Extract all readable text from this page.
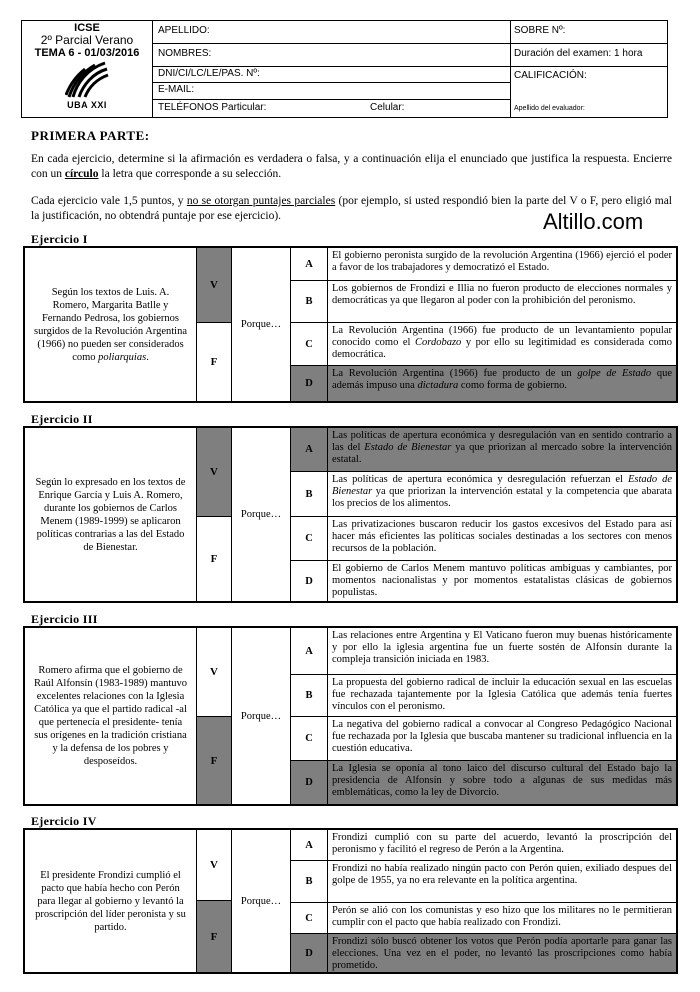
ICSE
2º Parcial Verano
TEMA 6 - 01/03/2016
UBA XXI
APELLIDO:
NOMBRES:
DNI/CI/LC/LE/PAS. Nº:
E-MAIL:
TELÉFONOS Particular:	Celular:
SOBRE Nº:
Duración del examen: 1 hora
CALIFICACIÓN:
Apellido del evaluador:
PRIMERA PARTE:
En cada ejercicio, determine si la afirmación es verdadera o falsa, y a continuación elija el enunciado que justifica la respuesta. Encierre con un círculo la letra que corresponde a su selección.
Cada ejercicio vale 1,5 puntos, y no se otorgan puntajes parciales (por ejemplo, si usted respondió bien la parte del V o F, pero eligió mal la justificación, no obtendrá puntaje por ese ejercicio).	Altillo.com
Ejercicio I
Según los textos de Luis. A. Romero, Margarita Batlle y Fernando Pedrosa, los gobiernos surgidos de la Revolución Argentina (1966) no pueden ser considerados como poliarquias.
V
F
Porque…
A
El gobierno peronista surgido de la revolución Argentina (1966) ejerció el poder a favor de los trabajadores y democratizó el Estado.
B
Los gobiernos de Frondizi e Illia no fueron producto de elecciones normales y democráticas ya que llegaron al poder con la prohibición del peronismo.
C
La Revolución Argentina (1966) fue producto de un levantamiento popular conocido como el Cordobazo y por ello su legitimidad es considerada como democrática.
D
La Revolución Argentina (1966) fue producto de un golpe de Estado que además impuso una dictadura como forma de gobierno.
Ejercicio II
Según lo expresado en los textos de Enrique García y Luis A. Romero, durante los gobiernos de Carlos Menem (1989-1999) se aplicaron políticas contrarias a las del Estado de Bienestar.
V
F
Porque…
A
Las políticas de apertura económica y desregulación van en sentido contrario a las del Estado de Bienestar ya que priorizan al mercado sobre la intervención estatal.
B
Las políticas de apertura económica y desregulación refuerzan el Estado de Bienestar ya que priorizan la intervención estatal y la competencia que abarata los precios de los alimentos.
C
Las privatizaciones buscaron reducir los gastos excesivos del Estado para así hacer más eficientes las políticas sociales destinadas a los sectores con menos recursos de la población.
D
El gobierno de Carlos Menem mantuvo políticas ambiguas y cambiantes, por momentos nacionalistas y por momentos estatalistas clásicas de gobiernos populistas.
Ejercicio III
Romero afirma que el gobierno de Raúl Alfonsín (1983-1989) mantuvo excelentes relaciones con la Iglesia Católica ya que el partido radical -al que pertenecía el presidente- tenía sus orígenes en la tradición cristiana y la defensa de los pobres y desposeídos.
V
F
Porque…
A
Las relaciones entre Argentina y El Vaticano fueron muy buenas históricamente y por ello la iglesia argentina fue un fuerte sostén de Alfonsín durante la compleja transición iniciada en 1983.
B
La propuesta del gobierno radical de incluir la educación sexual en las escuelas fue rechazada tajantemente por la Iglesia Católica que además tenía fuertes vínculos con el peronismo.
C
La negativa del gobierno radical a convocar al Congreso Pedagógico Nacional fue rechazada por la Iglesia que buscaba mantener su tradicional influencia en la cuestión educativa.
D
La Iglesia se oponía al tono laico del discurso cultural del Estado bajo la presidencia de Alfonsín y sobre todo a algunas de sus medidas más emblemáticas, como la ley de Divorcio.
Ejercicio IV
El presidente Frondizi cumplió el pacto que había hecho con Perón para llegar al gobierno y levantó la proscripción del líder peronista y su partido.
V
F
Porque…
A
Frondizi cumplió con su parte del acuerdo, levantó la proscripción del peronismo y facilitó el regreso de Perón a la Argentina.
B
Frondizi no había realizado ningún pacto con Perón quien, exiliado despues del golpe de 1955, ya no era relevante en la política argentina.
C
Perón se alió con los comunistas y eso hizo que los militares no le permitieran cumplir con el pacto que había realizado con Frondizi.
D
Frondizi sólo buscó obtener los votos que Perón podía aportarle para ganar las elecciones. Una vez en el poder, no levantó las proscripciones como había prometido.
